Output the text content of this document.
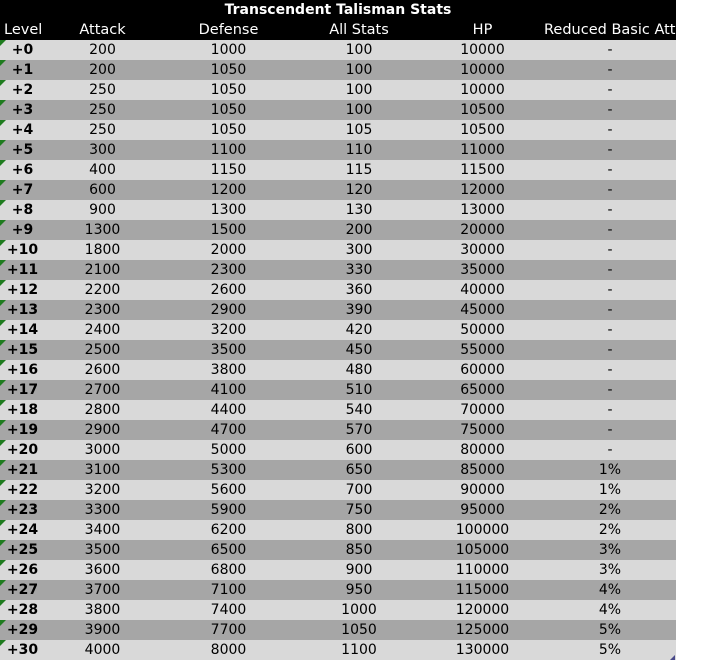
Transcendent Talisman Stats
Level	Attack	Defense	All Stats	HP	Reduced Basic Attack
+0	200	1000	100	10000	-
+1	200	1050	100	10000	-
+2	250	1050	100	10000	-
+3	250	1050	100	10500	-
+4	250	1050	105	10500	-
+5	300	1100	110	11000	-
+6	400	1150	115	11500	-
+7	600	1200	120	12000	-
+8	900	1300	130	13000	-
+9	1300	1500	200	20000	-
+10	1800	2000	300	30000	-
+11	2100	2300	330	35000	-
+12	2200	2600	360	40000	-
+13	2300	2900	390	45000	-
+14	2400	3200	420	50000	-
+15	2500	3500	450	55000	-
+16	2600	3800	480	60000	-
+17	2700	4100	510	65000	-
+18	2800	4400	540	70000	-
+19	2900	4700	570	75000	-
+20	3000	5000	600	80000	-
+21	3100	5300	650	85000	1%
+22	3200	5600	700	90000	1%
+23	3300	5900	750	95000	2%
+24	3400	6200	800	100000	2%
+25	3500	6500	850	105000	3%
+26	3600	6800	900	110000	3%
+27	3700	7100	950	115000	4%
+28	3800	7400	1000	120000	4%
+29	3900	7700	1050	125000	5%
+30	4000	8000	1100	130000	5%
